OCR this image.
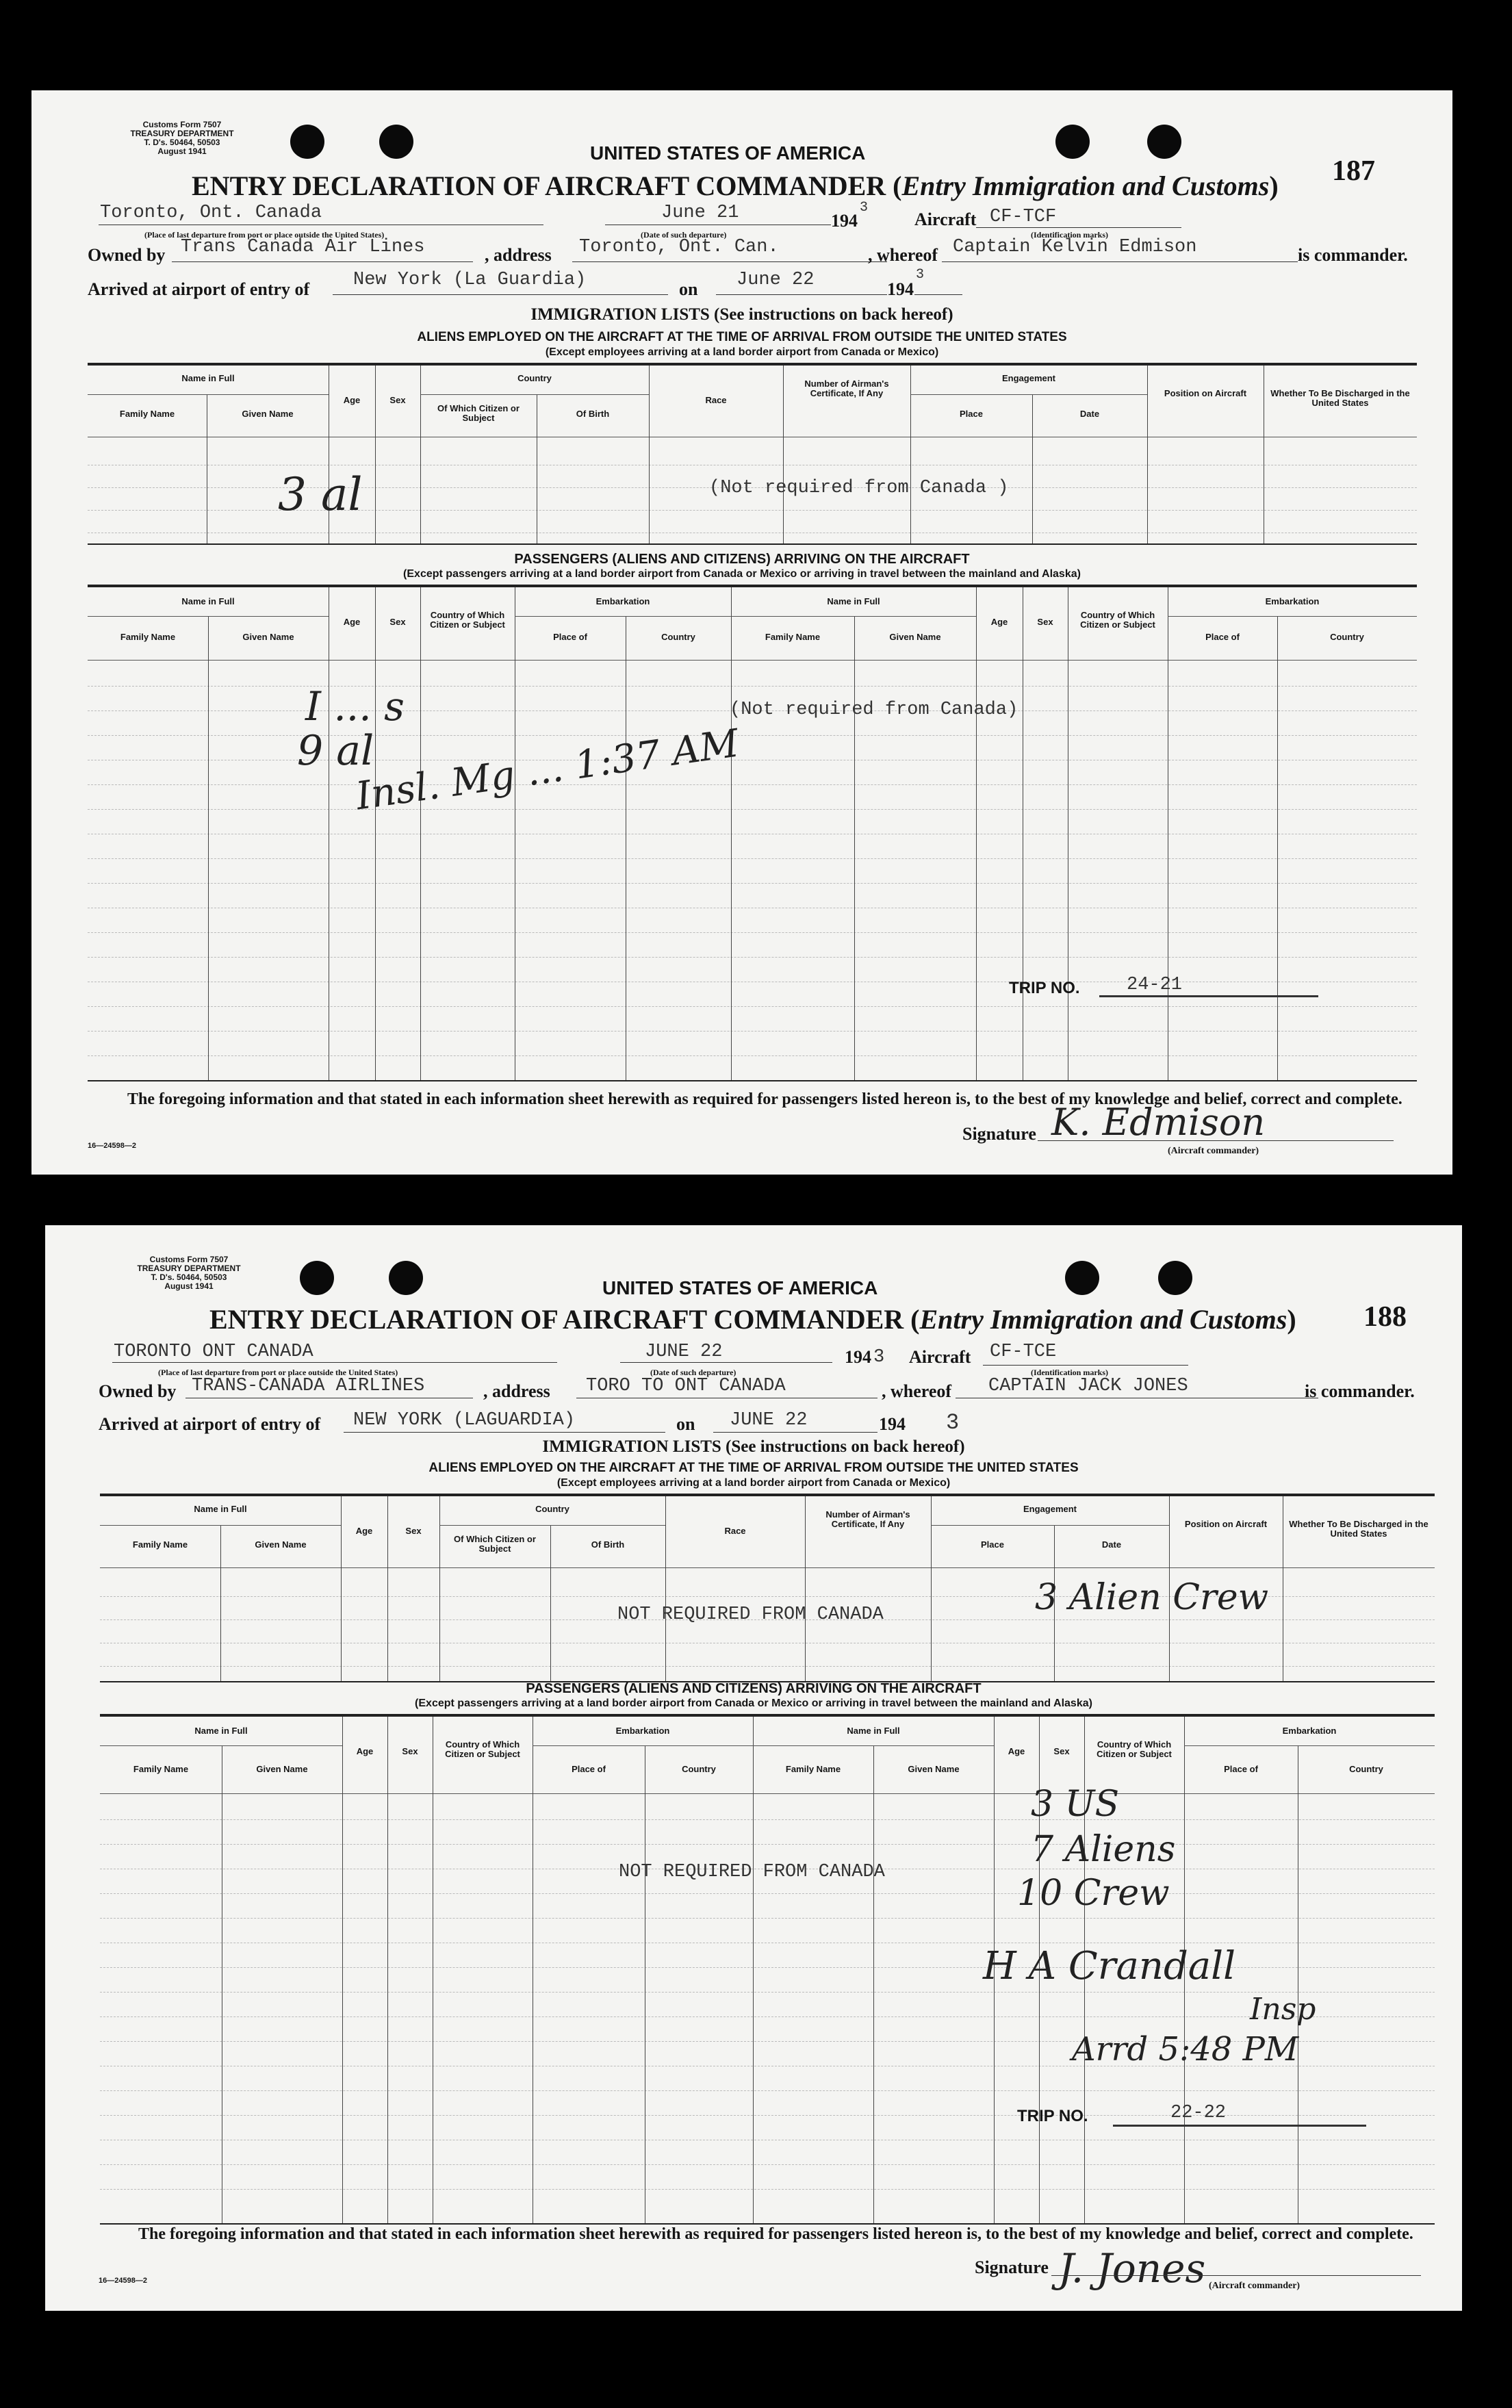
Customs Form 7507
TREASURY DEPARTMENT
T. D's. 50464, 50503
August 1941	UNITED STATES OF AMERICA
187
ENTRY DECLARATION OF AIRCRAFT COMMANDER (Entry Immigration and Customs)
Toronto, Ont. Canada	June 21	194
3
Aircraft CF-TCF
(Place of last departure from port or place outside the United States)	(Date of such departure)	(Identification marks)
Owned by Trans Canada Air Lines	, address Toronto, Ont. Can.	, whereof Captain Kelvin Edmison	is commander.
Arrived at airport of entry of New York (La Guardia)	on June 22	194
3
IMMIGRATION LISTS (See instructions on back hereof)
ALIENS EMPLOYED ON THE AIRCRAFT AT THE TIME OF ARRIVAL FROM OUTSIDE THE UNITED STATES
(Except employees arriving at a land border airport from Canada or Mexico)
Name in Full
Family Name	Given Name
Age	Sex
Country
Of Which Citizen or Subject	Of Birth
Race
Number of Airman's Certificate, If Any
Engagement
Place	Date
Position on Aircraft	Whether To Be Discharged in the United States
3 al	(Not required from Canada )
PASSENGERS (ALIENS AND CITIZENS) ARRIVING ON THE AIRCRAFT
(Except passengers arriving at a land border airport from Canada or Mexico or arriving in travel between the mainland and Alaska)
Name in Full
Family Name	Given Name
Age	Sex
Country of Which Citizen or Subject
Embarkation
Place of	Country
Name in Full
Family Name	Given Name
Age	Sex
Country of Which Citizen or Subject
Embarkation
Place of	Country
(Not required from Canada)
I ... s
9 al
Insl. Mg ... 1:37 AM
TRIP NO.	24-21
The foregoing information and that stated in each information sheet herewith as required for passengers listed hereon is, to the best of my knowledge and belief, correct and complete.
16—24598—2
Signature K. Edmison
(Aircraft commander)
Customs Form 7507
TREASURY DEPARTMENT
T. D's. 50464, 50503
August 1941	UNITED STATES OF AMERICA
188
ENTRY DECLARATION OF AIRCRAFT COMMANDER (Entry Immigration and Customs)
TORONTO ONT CANADA	JUNE 22	194 3 Aircraft CF-TCE
(Place of last departure from port or place outside the United States)	(Date of such departure)	(Identification marks)
Owned by TRANS-CANADA AIRLINES	, address TORO TO ONT CANADA	, whereof CAPTAIN JACK JONES	is commander.
Arrived at airport of entry of NEW YORK (LAGUARDIA)	on JUNE 22	194 3
IMMIGRATION LISTS (See instructions on back hereof)
ALIENS EMPLOYED ON THE AIRCRAFT AT THE TIME OF ARRIVAL FROM OUTSIDE THE UNITED STATES
(Except employees arriving at a land border airport from Canada or Mexico)
Name in Full
Family Name	Given Name
Age	Sex
Country
Of Which Citizen or Subject	Of Birth
Race
Number of Airman's Certificate, If Any
Engagement
Place	Date
Position on Aircraft	Whether To Be Discharged in the United States
NOT REQUIRED FROM CANADA	3 Alien Crew
PASSENGERS (ALIENS AND CITIZENS) ARRIVING ON THE AIRCRAFT
(Except passengers arriving at a land border airport from Canada or Mexico or arriving in travel between the mainland and Alaska)
Name in Full
Family Name	Given Name
Age	Sex
Country of Which Citizen or Subject
Embarkation
Place of	Country
Name in Full
Family Name	Given Name
Age	Sex
Country of Which Citizen or Subject
Embarkation
Place of	Country
NOT REQUIRED FROM CANADA
3 US
7 Aliens
10 Crew
H A Crandall
Insp
Arrd 5:48 PM
TRIP NO.	22-22
The foregoing information and that stated in each information sheet herewith as required for passengers listed hereon is, to the best of my knowledge and belief, correct and complete.
16—24598—2
Signature J. Jones (Aircraft commander)
